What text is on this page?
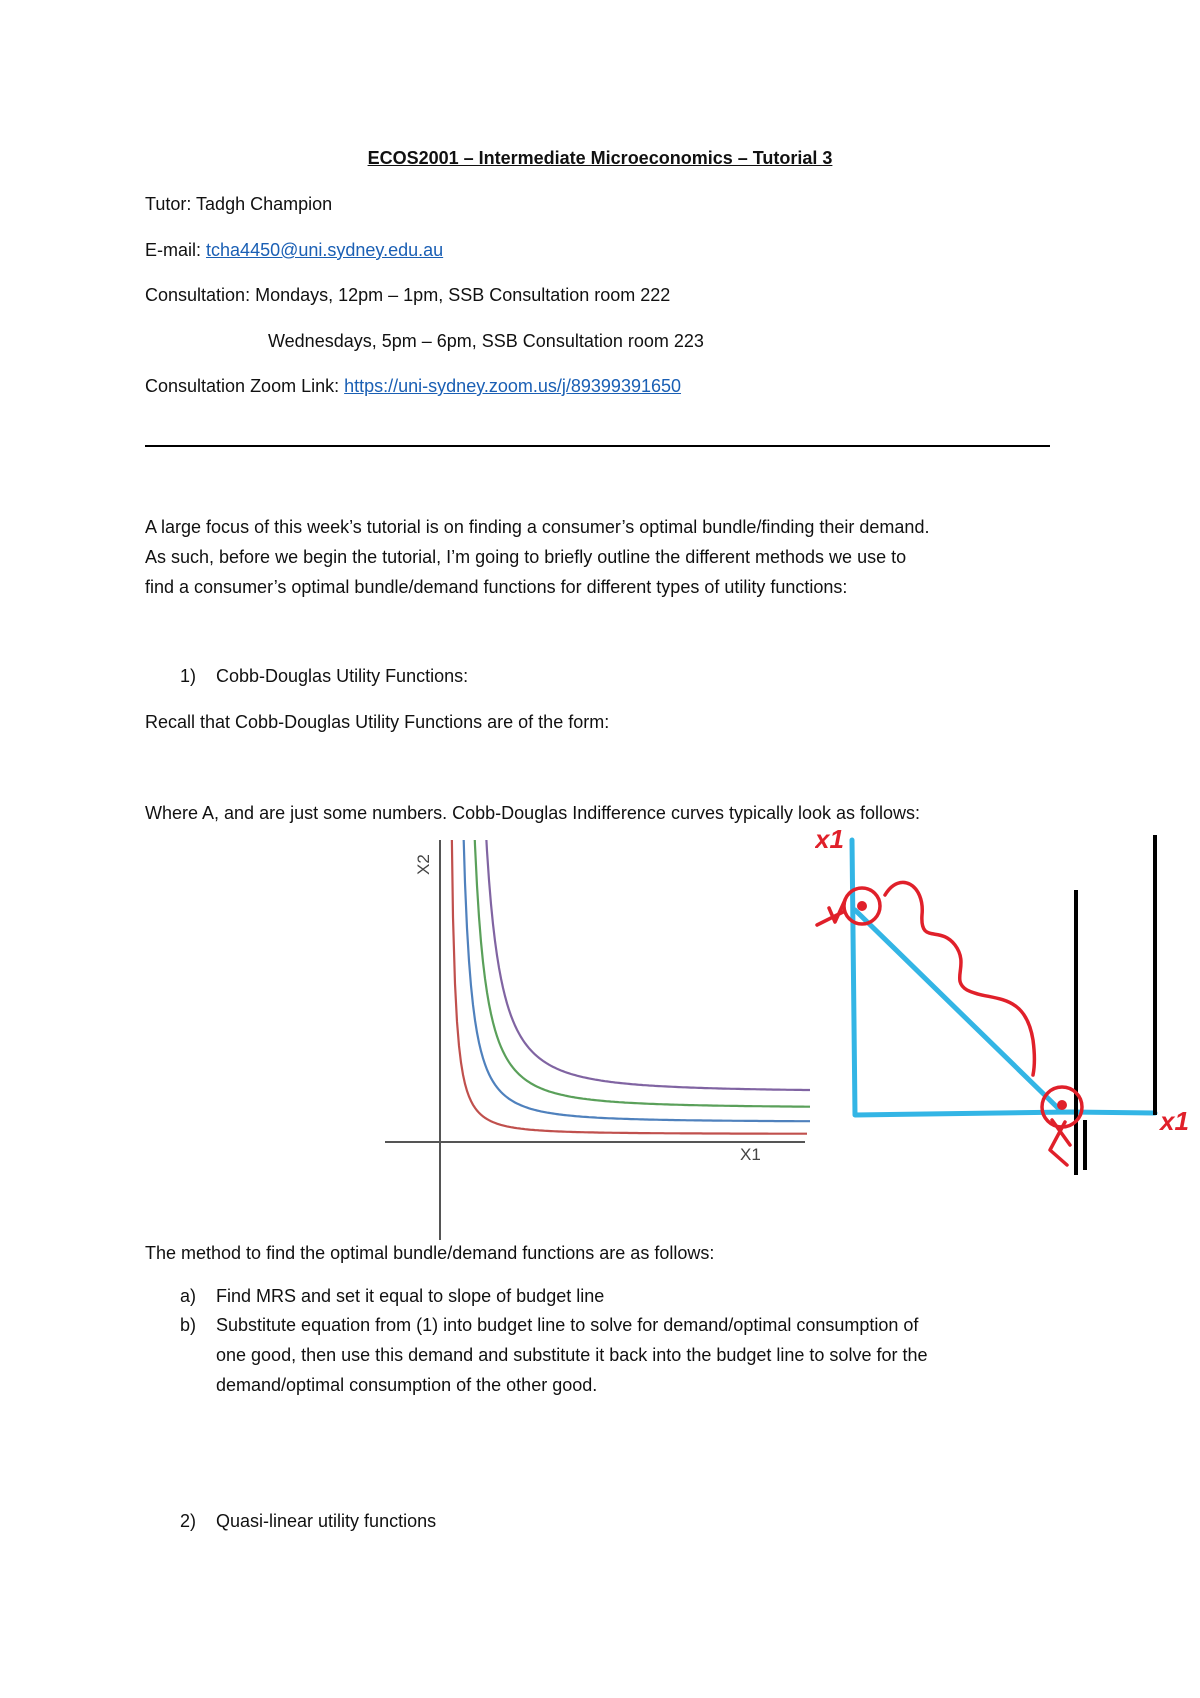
ECOS2001 – Intermediate Microeconomics – Tutorial 3
Tutor: Tadgh Champion
E-mail: tcha4450@uni.sydney.edu.au
Consultation: Mondays, 12pm – 1pm, SSB Consultation room 222
Wednesdays, 5pm – 6pm, SSB Consultation room 223
Consultation Zoom Link: https://uni-sydney.zoom.us/j/89399391650
A large focus of this week’s tutorial is on finding a consumer’s optimal bundle/finding their demand.
As such, before we begin the tutorial, I’m going to briefly outline the different methods we use to
find a consumer’s optimal bundle/demand functions for different types of utility functions:
1) Cobb-Douglas Utility Functions:
Recall that Cobb-Douglas Utility Functions are of the form:
Where A, and are just some numbers. Cobb-Douglas Indifference curves typically look as follows:
X1
X2
x1
x1
The method to find the optimal bundle/demand functions are as follows:
a) Find MRS and set it equal to slope of budget line
b) Substitute equation from (1) into budget line to solve for demand/optimal consumption of
one good, then use this demand and substitute it back into the budget line to solve for the
demand/optimal consumption of the other good.
2) Quasi-linear utility functions
